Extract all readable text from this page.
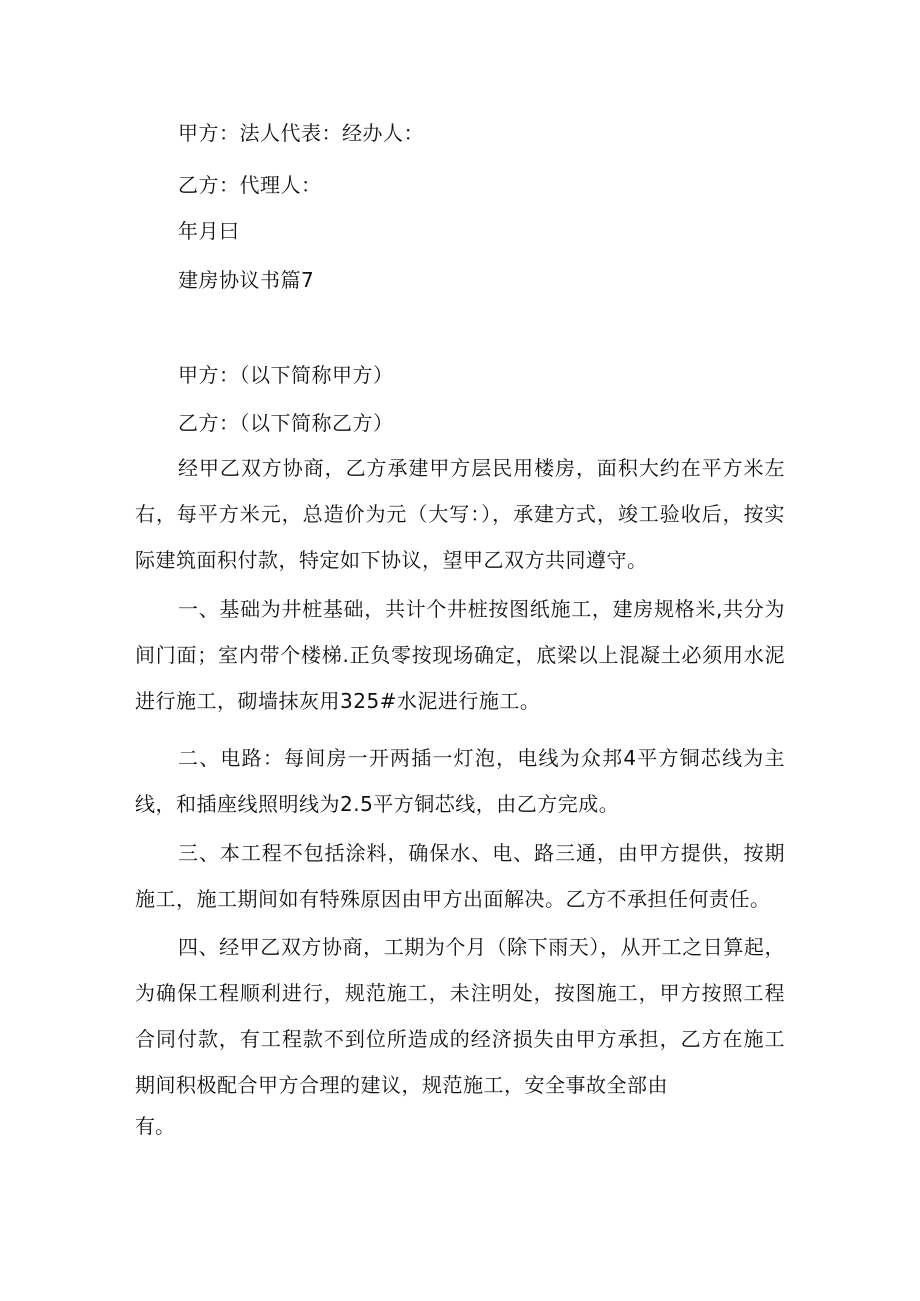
甲方：法人代表：经办人：
乙方：代理人：
年月曰
建房协议书篇7
甲方：（以下简称甲方）
乙方：（以下简称乙方）
经甲乙双方协商，乙方承建甲方层民用楼房，面积大约在平方米左右，每平方米元，总造价为元（大写：），承建方式，竣工验收后，按实际建筑面积付款，特定如下协议，望甲乙双方共同遵守。
一、基础为井桩基础，共计个井桩按图纸施工，建房规格米,共分为间门面；室内带个楼梯.正负零按现场确定，底梁以上混凝土必须用水泥进行施工，砌墙抹灰用325#水泥进行施工。
二、电路：每间房一开两插一灯泡，电线为众邦4平方铜芯线为主线，和插座线照明线为2.5平方铜芯线，由乙方完成。
三、本工程不包括涂料，确保水、电、路三通，由甲方提供，按期施工，施工期间如有特殊原因由甲方出面解决。乙方不承担任何责任。
四、经甲乙双方协商，工期为个月（除下雨天），从开工之日算起，为确保工程顺利进行，规范施工，未注明处，按图施工，甲方按照工程合同付款，有工程款不到位所造成的经济损失由甲方承担，乙方在施工期间积极配合甲方合理的建议，规范施工，安全事故全部由
有。
